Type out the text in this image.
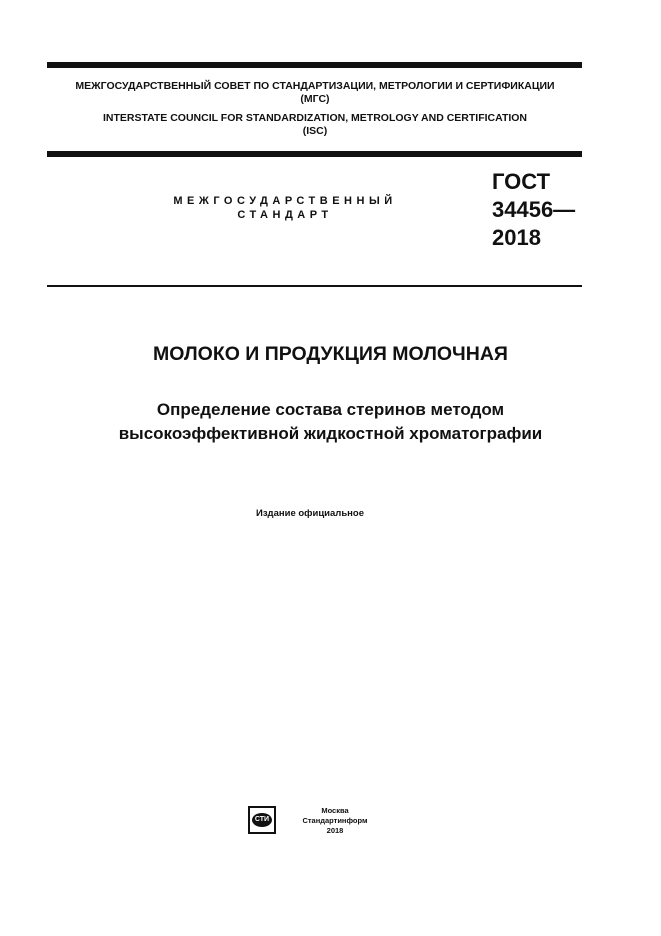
МЕЖГОСУДАРСТВЕННЫЙ СОВЕТ ПО СТАНДАРТИЗАЦИИ, МЕТРОЛОГИИ И СЕРТИФИКАЦИИ
(МГС)
INTERSTATE COUNCIL FOR STANDARDIZATION, METROLOGY AND CERTIFICATION
(ISC)
МЕЖГОСУДАРСТВЕННЫЙ
СТАНДАРТ
ГОСТ
34456—
2018
МОЛОКО И ПРОДУКЦИЯ МОЛОЧНАЯ
Определение состава стеринов методом
высокоэффективной жидкостной хроматографии
Издание официальное
СТИ
Москва
Стандартинформ
2018
